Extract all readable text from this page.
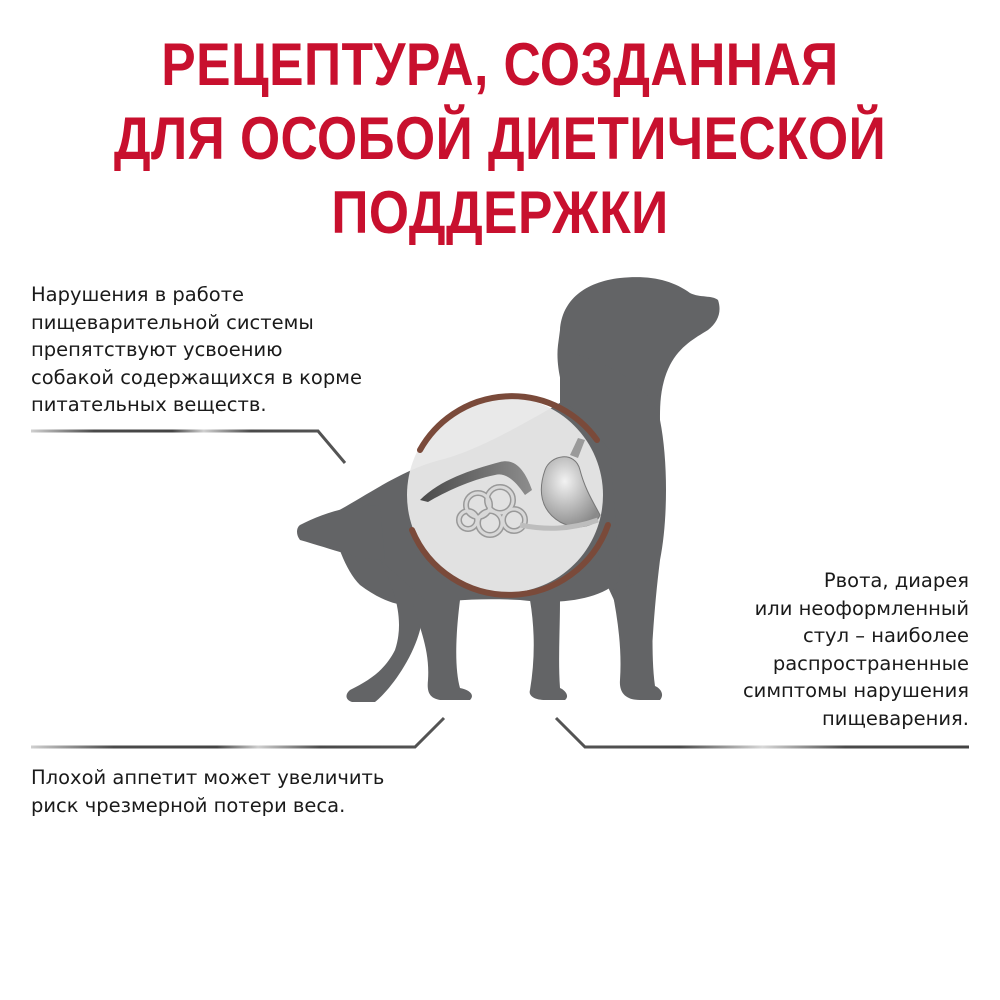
РЕЦЕПТУРА, СОЗДАННАЯ
ДЛЯ ОСОБОЙ ДИЕТИЧЕСКОЙ
ПОДДЕРЖКИ
Нарушения в работе
пищеварительной системы
препятствуют усвоению
собакой содержащихся в корме
питательных веществ.
Рвота, диарея
или неоформленный
стул – наиболее
распространенные
симптомы нарушения
пищеварения.
Плохой аппетит может увеличить
риск чрезмерной потери веса.
